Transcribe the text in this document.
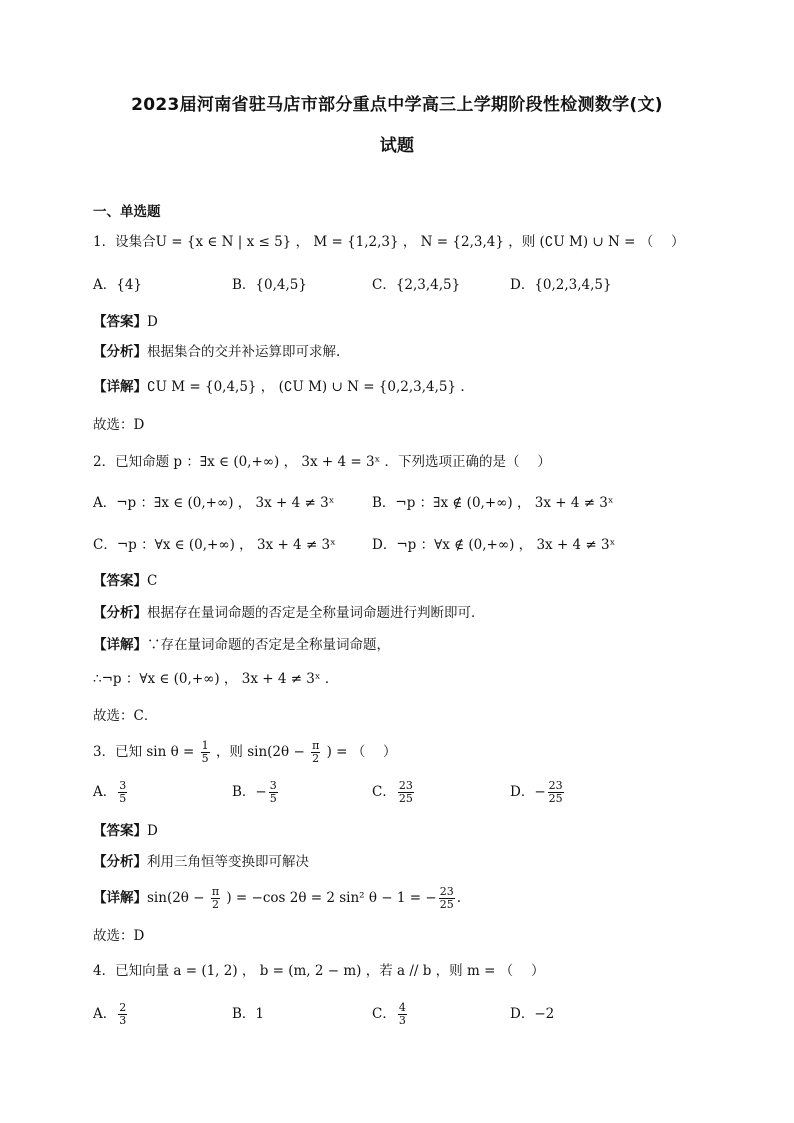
2023届河南省驻马店市部分重点中学高三上学期阶段性检测数学(文)
试题
一、单选题
1．设集合U = {x ∈ N | x ≤ 5} ， M = {1,2,3} ， N = {2,3,4} ，则 (∁U M) ∪ N = （　 ）
A．{4}	B．{0,4,5}	C．{2,3,4,5}	D．{0,2,3,4,5}
【答案】D
【分析】根据集合的交并补运算即可求解.
【详解】∁U M = {0,4,5} ， (∁U M) ∪ N = {0,2,3,4,5} .
故选：D
2．已知命题 p ：∃x ∈ (0,+∞) ， 3x + 4 = 3ˣ ．下列选项正确的是（　 ）
A．¬p ：∃x ∈ (0,+∞) ， 3x + 4 ≠ 3ˣ	B．¬p ：∃x ∉ (0,+∞) ， 3x + 4 ≠ 3ˣ
C．¬p ：∀x ∈ (0,+∞) ， 3x + 4 ≠ 3ˣ	D．¬p ：∀x ∉ (0,+∞) ， 3x + 4 ≠ 3ˣ
【答案】C
【分析】根据存在量词命题的否定是全称量词命题进行判断即可．
【详解】∵存在量词命题的否定是全称量词命题，
∴¬p ：∀x ∈ (0,+∞) ， 3x + 4 ≠ 3ˣ ．
故选：C．
3．已知 $\sin \theta = \frac{1}{5}$ ，则 $\sin(2\theta - \frac{\pi}{2}$ ) = （　 ）
A． $\frac{3}{5}$	B．− $\frac{3}{5}$	C． $\frac{23}{25}$	D．− $\frac{23}{25}$
【答案】D
【分析】利用三角恒等变换即可解决
【详解】$\sin(2\theta - \frac{\pi}{2}$ ) = −cos 2θ = 2 sin² θ − 1 = − $\frac{23}{25}$ .
故选：D
4．已知向量 a = (1, 2) ， b = (m, 2 − m) ，若 a // b ，则 m = （　 ）
A． $\frac{2}{3}$	B．1	C． $\frac{4}{3}$	D．−2
